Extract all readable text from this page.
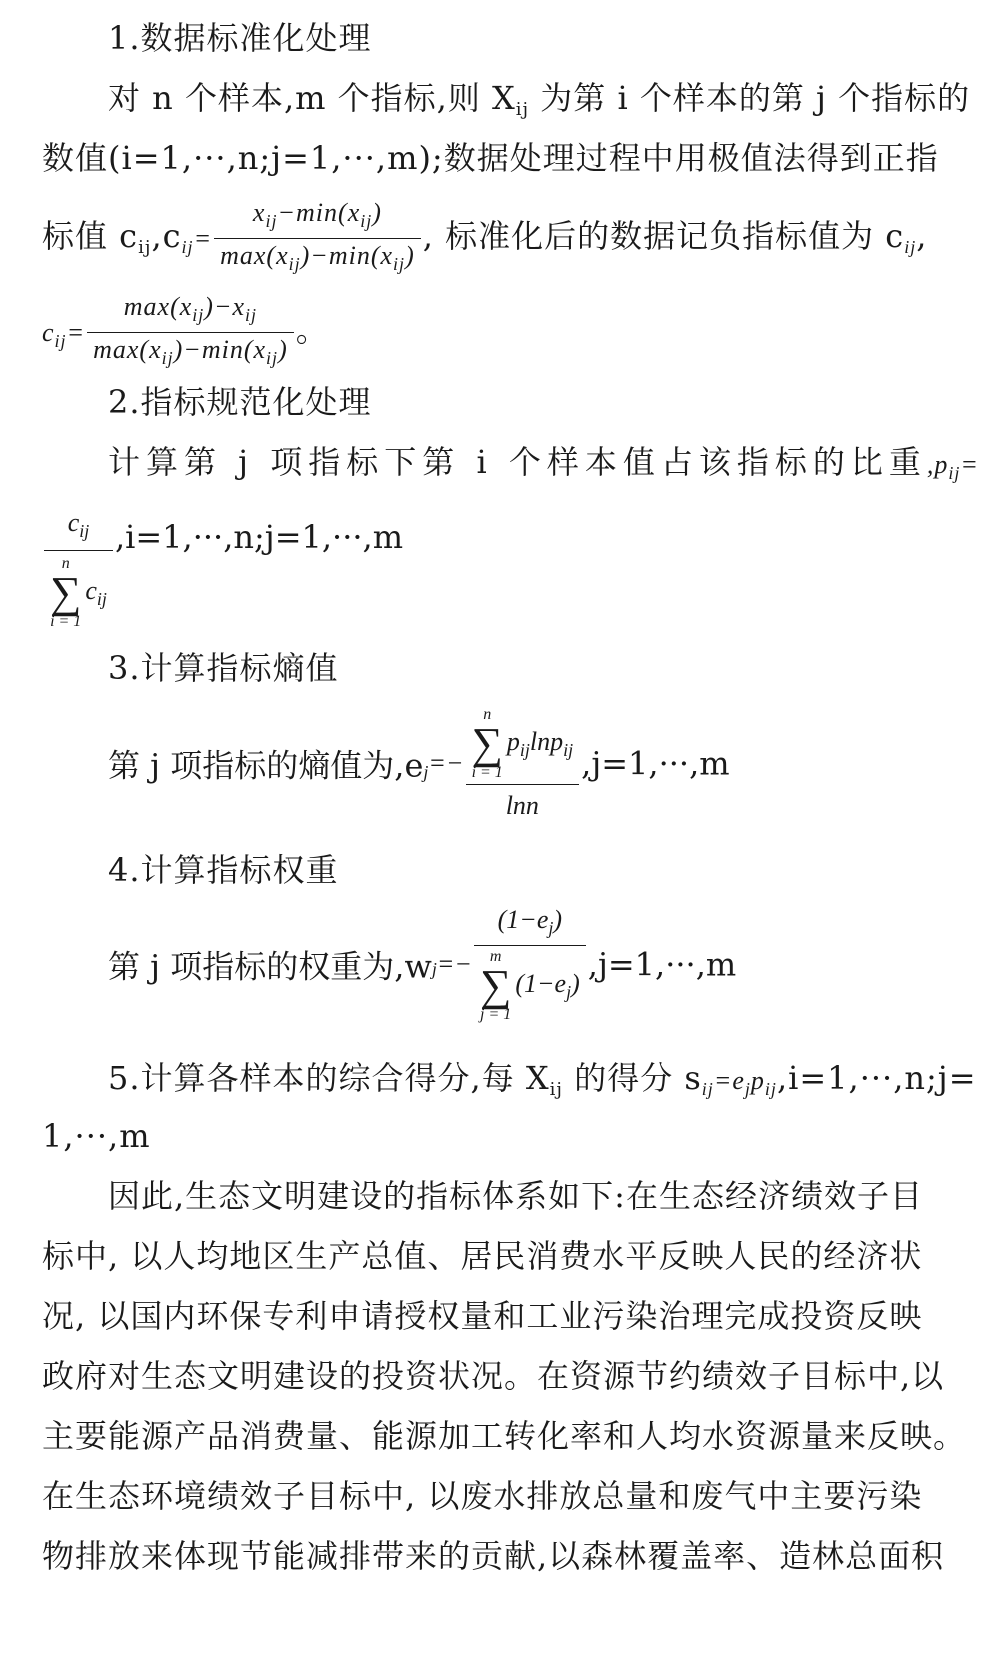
1.数据标准化处理
对 n 个样本,m 个指标,则 $X_{ij}$ 为第 i 个样本的第 j 个指标的
数值(i=1,···,n;j=1,···,m);数据处理过程中用极值法得到正指
标值 $c_{ij},c_{ij}= \frac{x_{ij}-\min(x_{ij})}{\max(x_{ij})-\min(x_{ij})}$ , 标准化后的数据记负指标值为 $c_{ij}$,
$c_{ij}= \frac{\max(x_{ij})-x_{ij}}{\max(x_{ij})-\min(x_{ij})}$ 。
2.指标规范化处理
计算第 j 项指标下第 i 个样本值占该指标的比重$,p_{ij}=$
$c_{ij}$
n
∑
i = 1
$c_{ij}$ ,i=1,···,n;j=1,···,m
3.计算指标熵值
第 j 项指标的熵值为$,e_j=- n$
∑
i = 1
$p_{ij}\ln p_{ij}$
lnn ,j=1,···,m
4.计算指标权重
第 j 项指标的权重为$,wj=- (1-e_j)$
m
∑
j = 1
$(1-e_j)$ ,j=1,···,m
5.计算各样本的综合得分,每 $X_{ij}$ 的得分 $s_{ij}=e_jp_{ij},i=1,\cdot\cdot\cdot,n;j=$
1,···,m
因此,生态文明建设的指标体系如下:在生态经济绩效子目
标中, 以人均地区生产总值、居民消费水平反映人民的经济状
况, 以国内环保专利申请授权量和工业污染治理完成投资反映
政府对生态文明建设的投资状况。在资源节约绩效子目标中,以
主要能源产品消费量、能源加工转化率和人均水资源量来反映。
在生态环境绩效子目标中, 以废水排放总量和废气中主要污染
物排放来体现节能减排带来的贡献,以森林覆盖率、造林总面积
